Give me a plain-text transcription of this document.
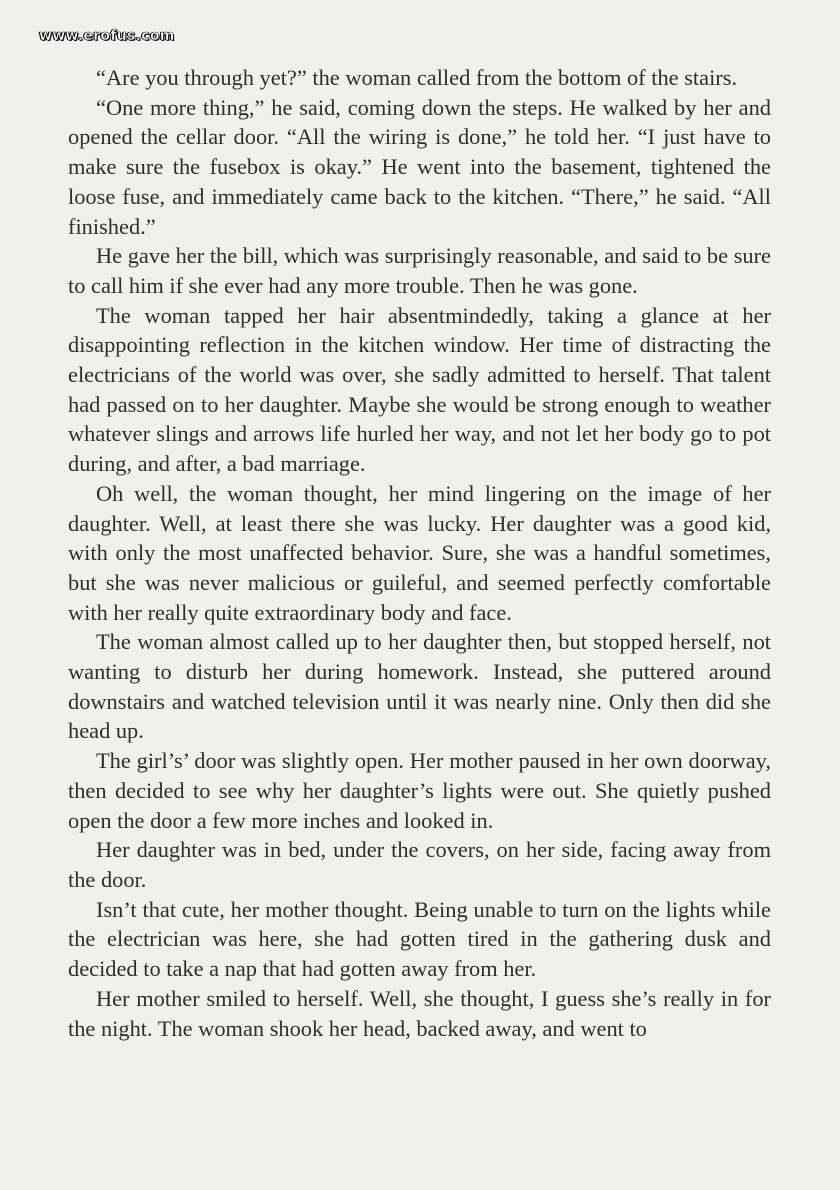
www.erofus.com

“Are you through yet?” the woman called from the bottom of the stairs.

“One more thing,” he said, coming down the steps. He walked by her and opened the cellar door. “All the wiring is done,” he told her. “I just have to make sure the fusebox is okay.” He went into the basement, tightened the loose fuse, and immediately came back to the kitchen. “There,” he said. “All finished.”

He gave her the bill, which was surprisingly reasonable, and said to be sure to call him if she ever had any more trouble. Then he was gone.

The woman tapped her hair absentmindedly, taking a glance at her disappointing reflection in the kitchen window. Her time of distracting the electricians of the world was over, she sadly admitted to herself. That talent had passed on to her daughter. Maybe she would be strong enough to weather whatever slings and arrows life hurled her way, and not let her body go to pot during, and after, a bad marriage.

Oh well, the woman thought, her mind lingering on the image of her daughter. Well, at least there she was lucky. Her daughter was a good kid, with only the most unaffected behavior. Sure, she was a handful sometimes, but she was never malicious or guileful, and seemed perfectly comfortable with her really quite extraordinary body and face.

The woman almost called up to her daughter then, but stopped herself, not wanting to disturb her during homework. Instead, she puttered around downstairs and watched television until it was nearly nine. Only then did she head up.

The girl’s’ door was slightly open. Her mother paused in her own doorway, then decided to see why her daughter’s lights were out. She quietly pushed open the door a few more inches and looked in.

Her daughter was in bed, under the covers, on her side, facing away from the door.

Isn’t that cute, her mother thought. Being unable to turn on the lights while the electrician was here, she had gotten tired in the gathering dusk and decided to take a nap that had gotten away from her.

Her mother smiled to herself. Well, she thought, I guess she’s really in for the night. The woman shook her head, backed away, and went to
